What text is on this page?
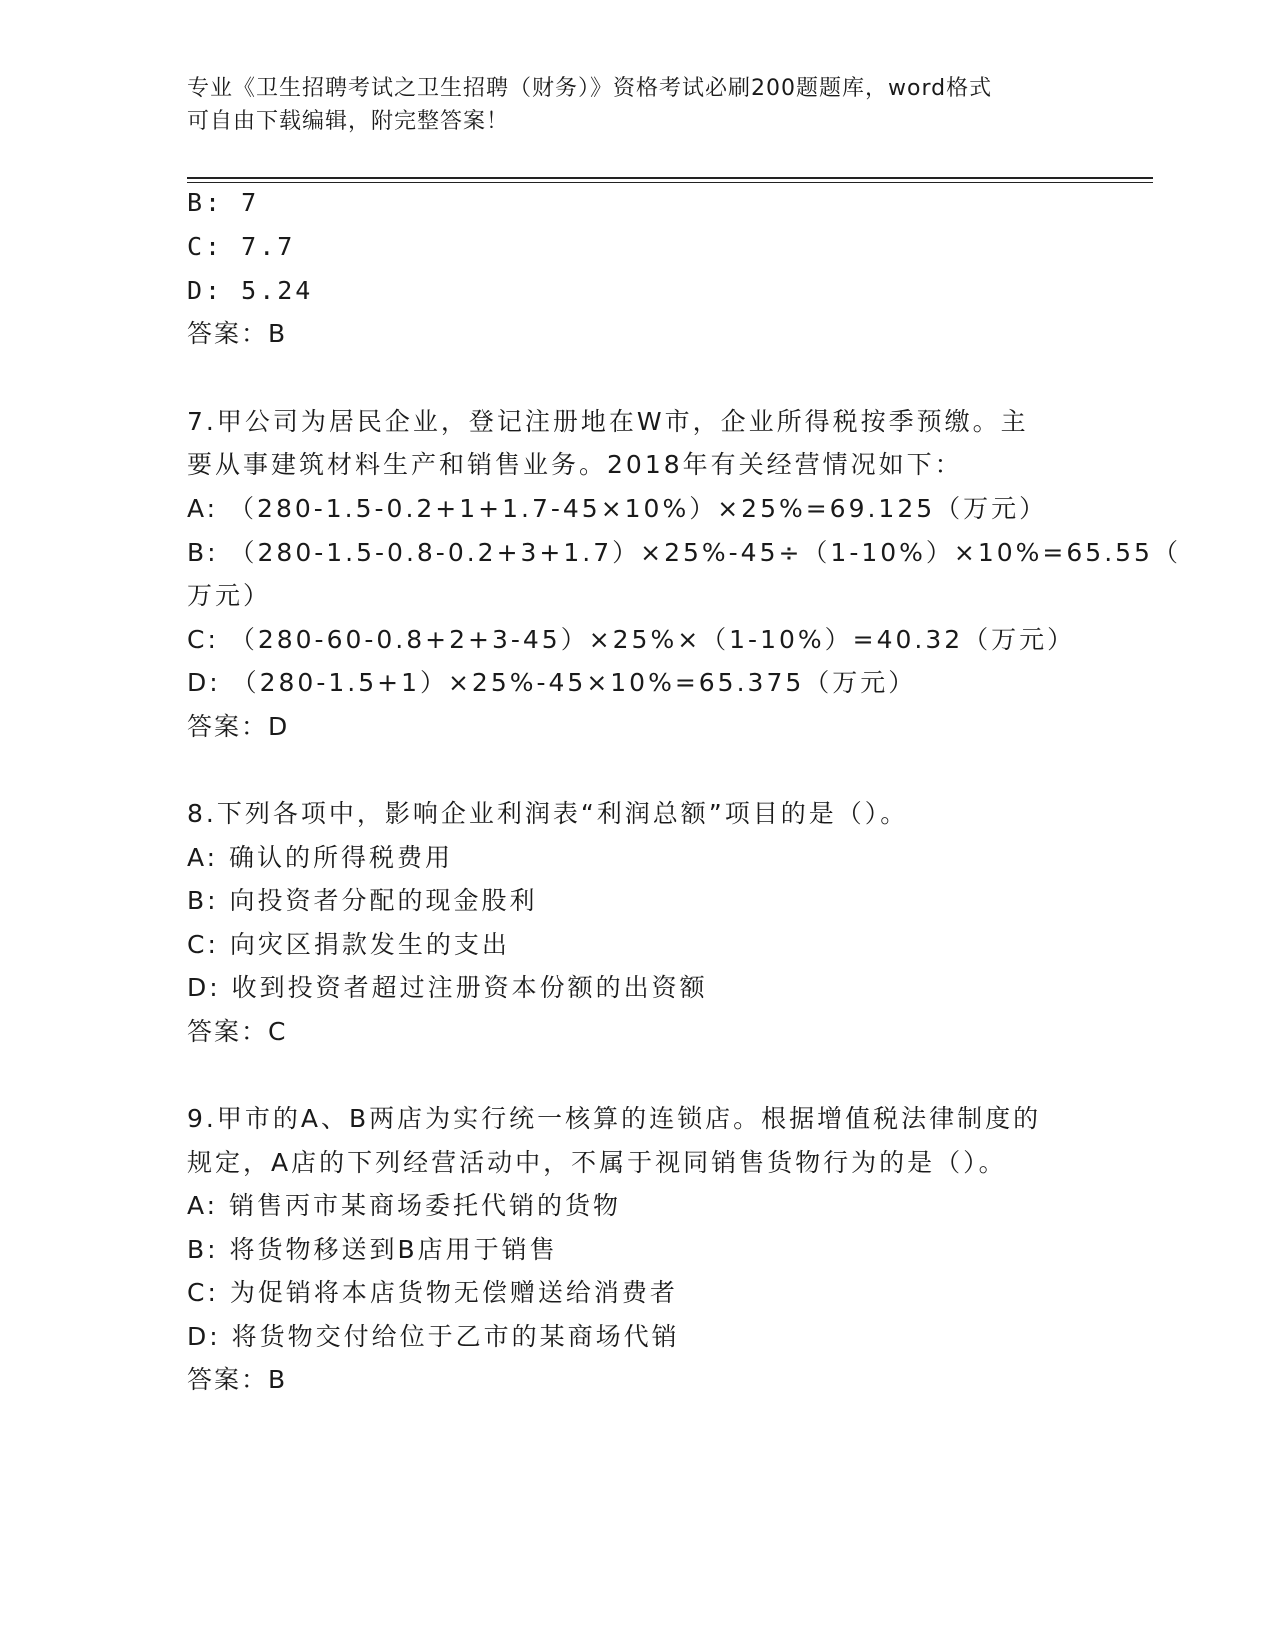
专业《卫生招聘考试之卫生招聘（财务）》资格考试必刷200题题库，word格式
可自由下载编辑，附完整答案！
B: 7
C: 7.7
D: 5.24
答案：B
7.甲公司为居民企业，登记注册地在W市，企业所得税按季预缴。主
要从事建筑材料生产和销售业务。2018年有关经营情况如下：
A: （280-1.5-0.2+1+1.7-45×10%）×25%=69.125（万元）
B: （280-1.5-0.8-0.2+3+1.7）×25%-45÷（1-10%）×10%=65.55（
万元）
C: （280-60-0.8+2+3-45）×25%×（1-10%）=40.32（万元）
D: （280-1.5+1）×25%-45×10%=65.375（万元）
答案：D
8.下列各项中，影响企业利润表“利润总额”项目的是（）。
A: 确认的所得税费用
B: 向投资者分配的现金股利
C: 向灾区捐款发生的支出
D: 收到投资者超过注册资本份额的出资额
答案：C
9.甲市的A、B两店为实行统一核算的连锁店。根据增值税法律制度的
规定，A店的下列经营活动中，不属于视同销售货物行为的是（）。
A: 销售丙市某商场委托代销的货物
B: 将货物移送到B店用于销售
C: 为促销将本店货物无偿赠送给消费者
D: 将货物交付给位于乙市的某商场代销
答案：B
